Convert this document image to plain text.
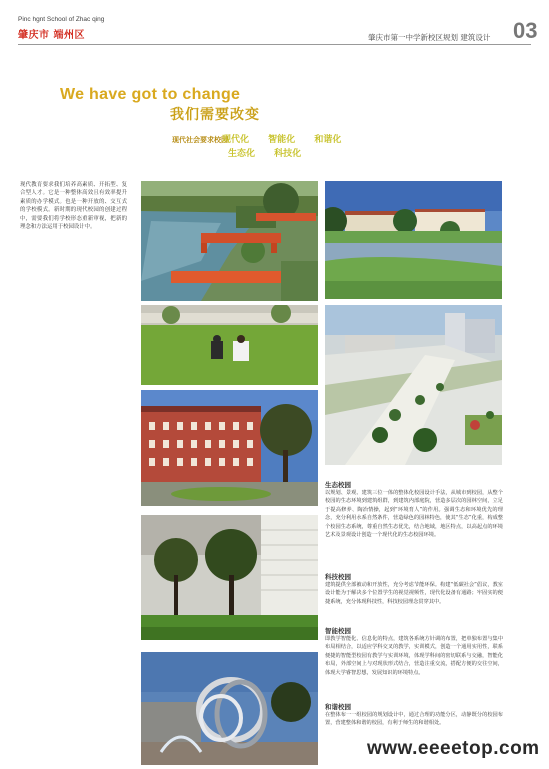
Pinc hgnt School of Zhac qing
肇庆市 端州区	肇庆市第一中学新校区规划 建筑设计 03
We have got to change
我们需要改变
现代社会要求校园
现代化 智能化 和谐化
生态化 科技化
现代教育要求我们培养高素质、开拓型、复合型人才。它是一种整体高效且有效率提升素质的办学模式。也是一种开放的、交互式的学校模式。新时期的现代校园的创建过程中，需要我们将学校形态重新审视，把新的理念和方法运用于校园设计中。
生态校园
以规划、景观、建筑三位一体的整体化校园设计手法，从城市到校园，从整个校园的生态环境到建筑组群，到建筑内部庭院，营造多层次的园林空间，立足于提高修养、陶冶情操，起到“环境育人”的作用。强调生态和环境优先的理念，充分利用水系自然条件，营造绿色的园林特色，使其“生态”化重，构成整个校园生态系统，尊重自然生态优先，结合地域，地区特点，以高起点的环境艺术及景观设计创造一个现代化的生态校园环境。
科技校园
建筑提供全部被动和开放性，充分考虑节能环保。构建“低碳社会”倡议，教室设计能为于解决多个位置学生的视觉视频性，现代化设备有通路；牢固实的便捷系统，充分体现科技性，科技校园理念贯穿其中。
智能校园
即教学智能化、信息化的特点，建筑各系统方针调的布置，把单独布置与集中布局相结合，以适应学科交叉的教学，实训模式，创造一个通用实用性，联系便捷的智能型校园有教学与实训环境，体现学科间的密切联系与交融，智能化布局，外部空间上与对现状形式结合，营造注重交流，搭配方便的交往空间，体现大学睿智思想，发展知识的环境特点。
和谐校园
在整体布一一组校园的规划设计中，通过合理的功能分区，动静既分的校园布置，营建整体和谐的校园，有利于师生的和谐相处。
www.eeeetop.com
